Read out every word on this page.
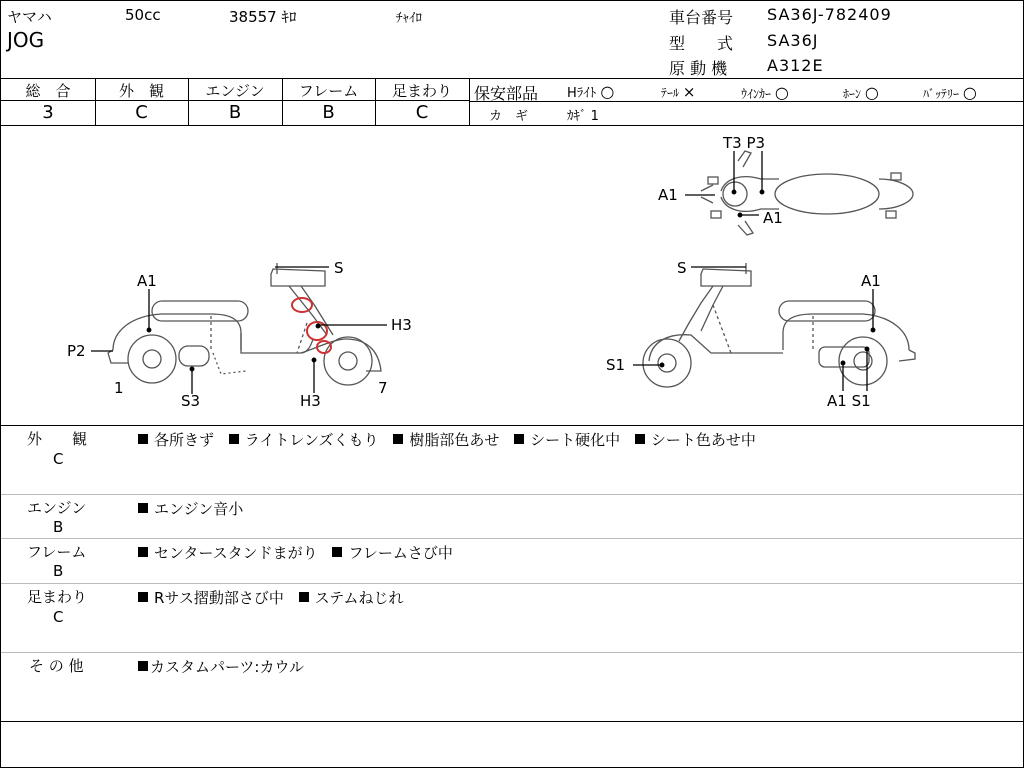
ヤマハ
JOG
50cc	38557 ｷﾛ	ﾁｬｲﾛ	車台番号 SA36J-782409
型　　式 SA36J
原 動 機 A312E
総　合
3
外　観
C
エンジン
B
フレーム
B
足まわり
C
保安部品 Hﾗｲﾄ ○	ﾃｰﾙ ×	ｳｲﾝｶｰ ○	ﾎｰﾝ ○	ﾊﾞｯﾃﾘｰ ○
カ　ギ	ｶｷﾞ 1
A1
S
H3
P2
1
S3	H3
7
S
A1
S1
A1 S1
T3 P3
A1
A1
外　　観
C
各所きず ライトレンズくもり 樹脂部色あせ シート硬化中 シート色あせ中
エンジン
B
エンジン音小
フレーム
B
センタースタンドまがり フレームさび中
足まわり
C
Rサス摺動部さび中 ステムねじれ
そ の 他	カスタムパーツ:カウル
